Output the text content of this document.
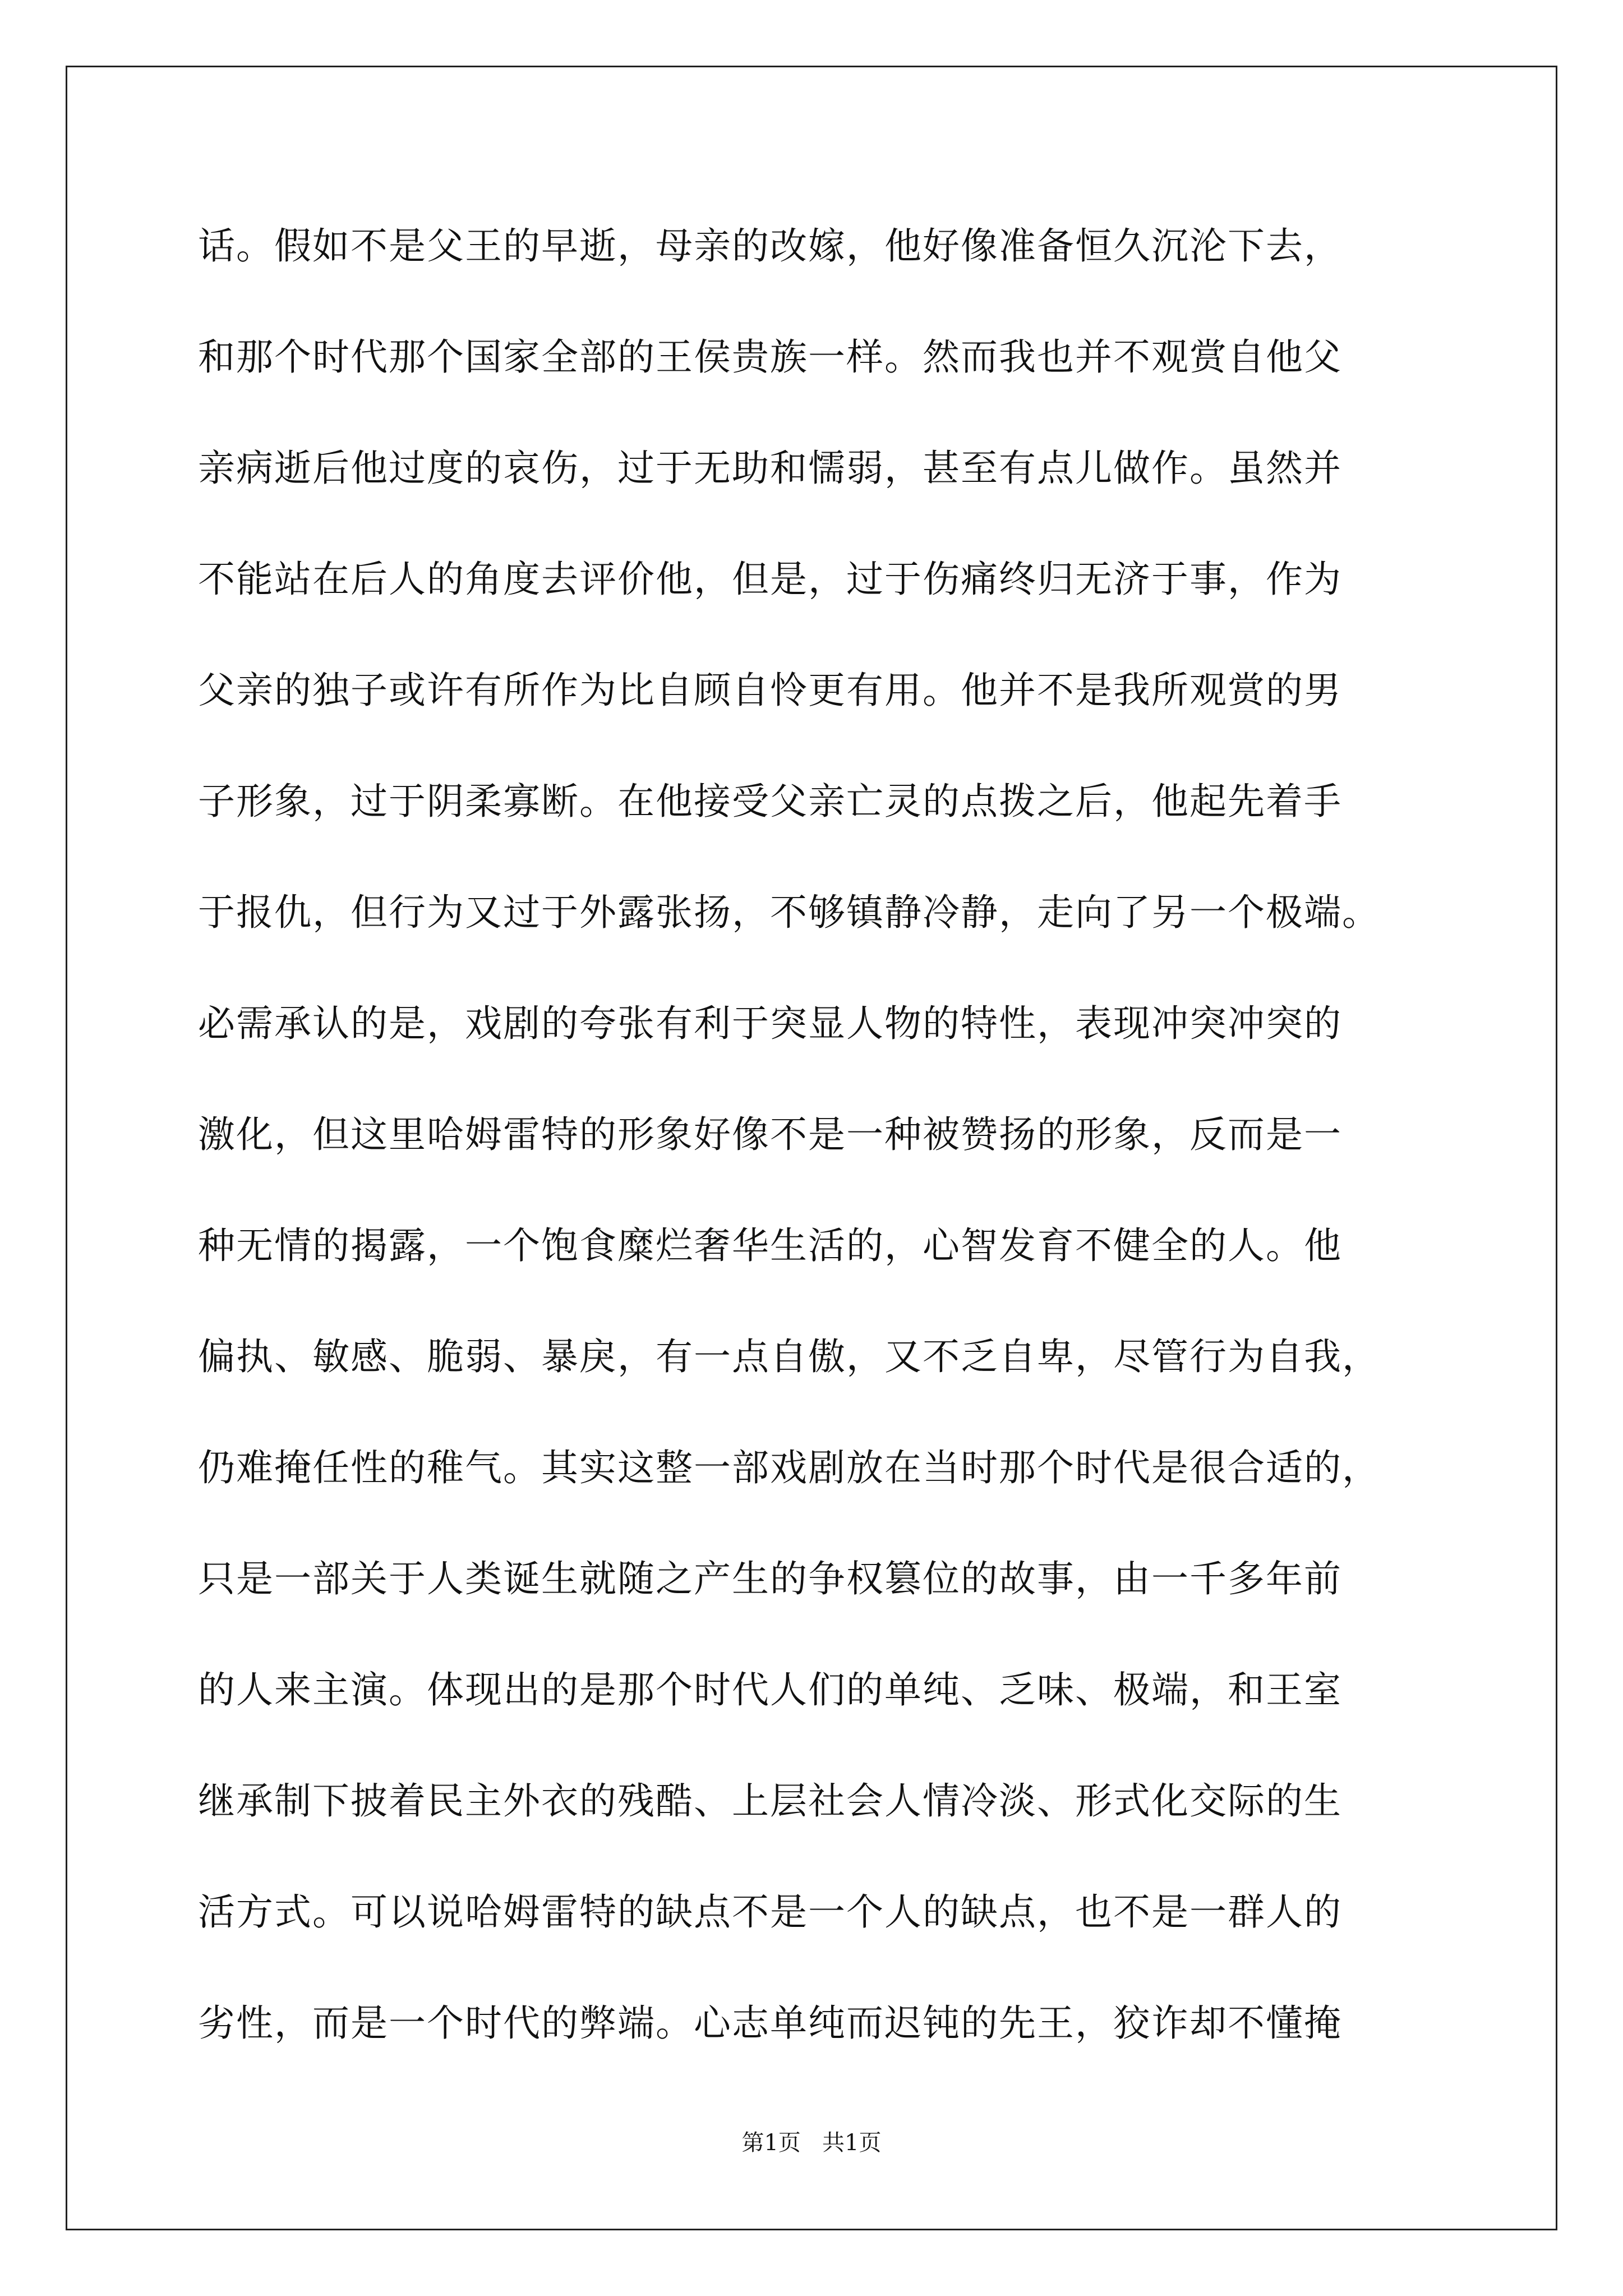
话。假如不是父王的早逝，母亲的改嫁，他好像准备恒久沉沦下去，
和那个时代那个国家全部的王侯贵族一样。然而我也并不观赏自他父
亲病逝后他过度的哀伤，过于无助和懦弱，甚至有点儿做作。虽然并
不能站在后人的角度去评价他，但是，过于伤痛终归无济于事，作为
父亲的独子或许有所作为比自顾自怜更有用。他并不是我所观赏的男
子形象，过于阴柔寡断。在他接受父亲亡灵的点拨之后，他起先着手
于报仇，但行为又过于外露张扬，不够镇静冷静，走向了另一个极端。
必需承认的是，戏剧的夸张有利于突显人物的特性，表现冲突冲突的
激化，但这里哈姆雷特的形象好像不是一种被赞扬的形象，反而是一
种无情的揭露，一个饱食糜烂奢华生活的，心智发育不健全的人。他
偏执、敏感、脆弱、暴戾，有一点自傲，又不乏自卑，尽管行为自我，
仍难掩任性的稚气。其实这整一部戏剧放在当时那个时代是很合适的，
只是一部关于人类诞生就随之产生的争权篡位的故事，由一千多年前
的人来主演。体现出的是那个时代人们的单纯、乏味、极端，和王室
继承制下披着民主外衣的残酷、上层社会人情冷淡、形式化交际的生
活方式。可以说哈姆雷特的缺点不是一个人的缺点，也不是一群人的
劣性，而是一个时代的弊端。心志单纯而迟钝的先王，狡诈却不懂掩
第1页   共1页
